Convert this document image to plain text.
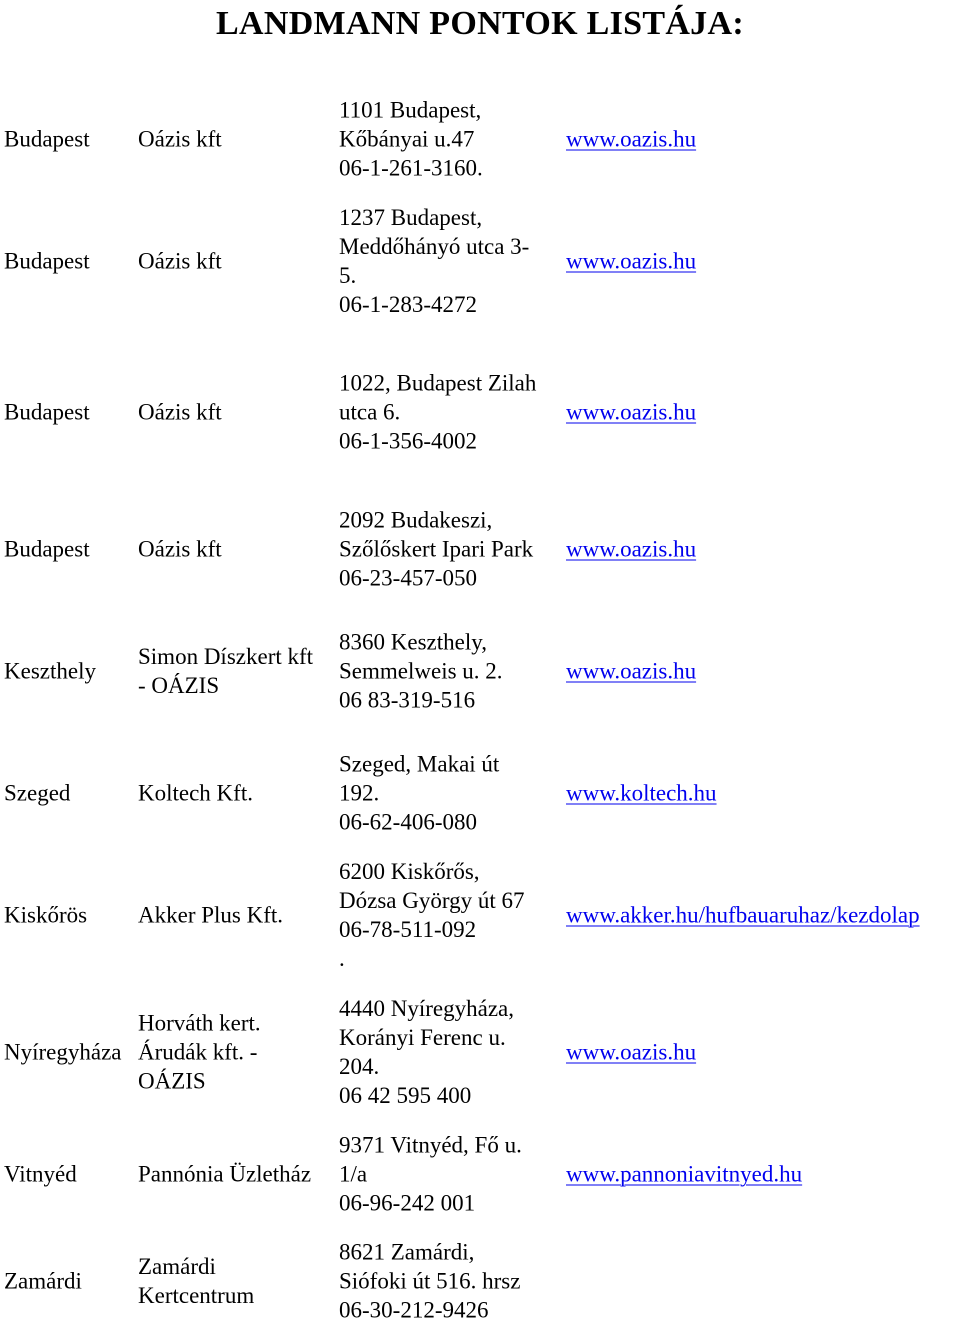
LANDMANN PONTOK LISTÁJA:
Budapest Oázis kft
1101 Budapest,
Kőbányai u.47
06-1-261-3160.
www.oazis.hu
Budapest Oázis kft
1237 Budapest,
Meddőhányó utca 3-
5.
06-1-283-4272
www.oazis.hu
Budapest Oázis kft
1022, Budapest Zilah
utca 6.
06-1-356-4002
www.oazis.hu
Budapest Oázis kft
2092 Budakeszi,
Szőlőskert Ipari Park
06-23-457-050
www.oazis.hu
Keszthely
Simon Díszkert kft
- OÁZIS
8360 Keszthely,
Semmelweis u. 2.
06 83-319-516
www.oazis.hu
Szeged	Koltech Kft.
Szeged, Makai út
192.
06-62-406-080
www.koltech.hu
Kiskőrös Akker Plus Kft.
6200 Kiskőrős,
Dózsa György út 67
06-78-511-092
.
www.akker.hu/hufbauaruhaz/kezdolap
Nyíregyháza
Horváth kert.
Árudák kft. -
OÁZIS
4440 Nyíregyháza,
Korányi Ferenc u.
204.
06 42 595 400
www.oazis.hu
Vitnyéd	Pannónia Üzletház
9371 Vitnyéd, Fő u.
1/a
06-96-242 001
www.pannoniavitnyed.hu
Zamárdi
Zamárdi
Kertcentrum
8621 Zamárdi,
Siófoki út 516. hrsz
06-30-212-9426
